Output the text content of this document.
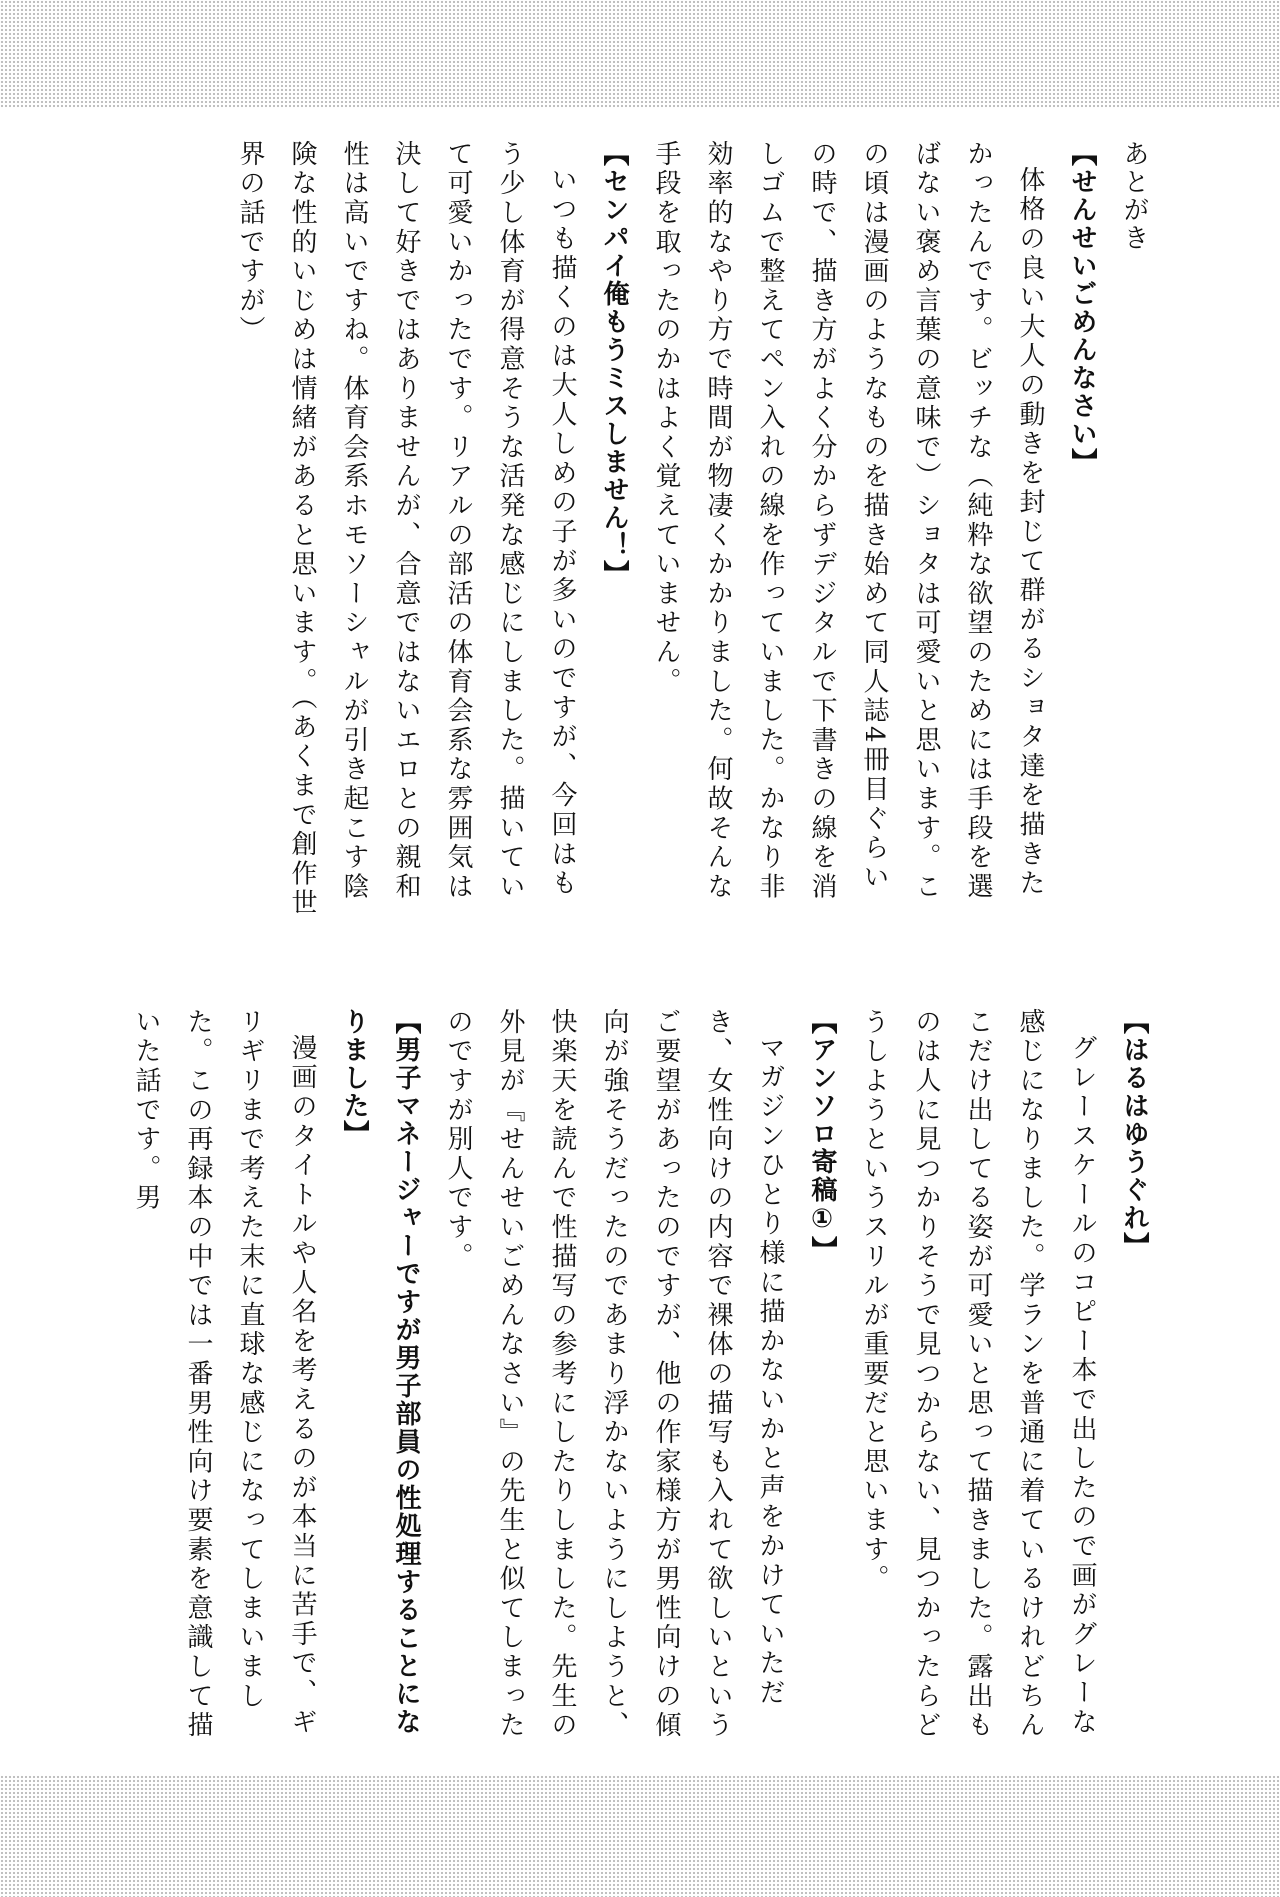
あとがき
【せんせいごめんなさい】
体格の良い大人の動きを封じて群がるショタ達を描きたかったんです。ビッチな（純粋な欲望のためには手段を選ばない褒め言葉の意味で）ショタは可愛いと思います。この頃は漫画のようなものを描き始めて同人誌4冊目ぐらいの時で、描き方がよく分からずデジタルで下書きの線を消しゴムで整えてペン入れの線を作っていました。かなり非効率的なやり方で時間が物凄くかかりました。何故そんな手段を取ったのかはよく覚えていません。
【センパイ俺もうミスしません！】
いつも描くのは大人しめの子が多いのですが、今回はもう少し体育が得意そうな活発な感じにしました。描いていて可愛いかったです。リアルの部活の体育会系な雰囲気は決して好きではありませんが、合意ではないエロとの親和性は高いですね。体育会系ホモソーシャルが引き起こす陰険な性的いじめは情緒があると思います。（あくまで創作世界の話ですが）
【はるはゆうぐれ】
グレースケールのコピー本で出したので画がグレーな感じになりました。学ランを普通に着ているけれどちんこだけ出してる姿が可愛いと思って描きました。露出ものは人に見つかりそうで見つからない、見つかったらどうしようというスリルが重要だと思います。
【アンソロ寄稿①】
マガジンひとり様に描かないかと声をかけていただき、女性向けの内容で裸体の描写も入れて欲しいというご要望があったのですが、他の作家様方が男性向けの傾向が強そうだったのであまり浮かないようにしようと、快楽天を読んで性描写の参考にしたりしました。先生の外見が『せんせいごめんなさい』の先生と似てしまったのですが別人です。
【男子マネージャーですが男子部員の性処理することになりました】
漫画のタイトルや人名を考えるのが本当に苦手で、ギリギリまで考えた末に直球な感じになってしまいました。この再録本の中では一番男性向け要素を意識して描いた話です。男
